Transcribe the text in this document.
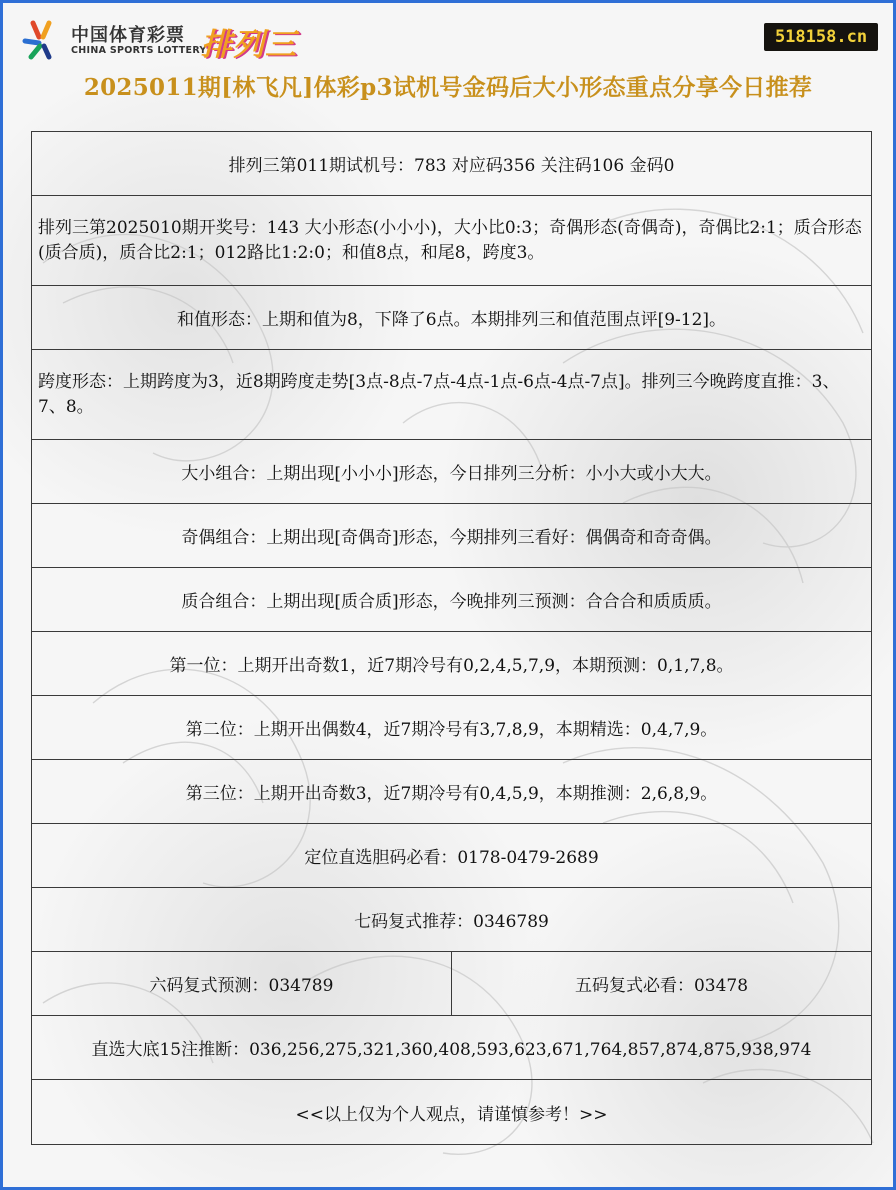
中国体育彩票
CHINA SPORTS LOTTERY
排列三	518158.cn
2025011期[林飞凡]体彩p3试机号金码后大小形态重点分享今日推荐
排列三第011期试机号：783 对应码356 关注码106 金码0
排列三第2025010期开奖号：143 大小形态(小小小)，大小比0:3；奇偶形态(奇偶奇)，奇偶比2:1；质合形态(质合质)，质合比2:1；012路比1:2:0；和值8点，和尾8，跨度3。
和值形态：上期和值为8，下降了6点。本期排列三和值范围点评[9-12]。
跨度形态：上期跨度为3，近8期跨度走势[3点-8点-7点-4点-1点-6点-4点-7点]。排列三今晚跨度直推：3、7、8。
大小组合：上期出现[小小小]形态，今日排列三分析：小小大或小大大。
奇偶组合：上期出现[奇偶奇]形态，今期排列三看好：偶偶奇和奇奇偶。
质合组合：上期出现[质合质]形态，今晚排列三预测：合合合和质质质。
第一位：上期开出奇数1，近7期冷号有0,2,4,5,7,9，本期预测：0,1,7,8。
第二位：上期开出偶数4，近7期冷号有3,7,8,9，本期精选：0,4,7,9。
第三位：上期开出奇数3，近7期冷号有0,4,5,9，本期推测：2,6,8,9。
定位直选胆码必看：0178-0479-2689
七码复式推荐：0346789
六码复式预测：034789	五码复式必看：03478
直选大底15注推断：036,256,275,321,360,408,593,623,671,764,857,874,875,938,974
<<以上仅为个人观点，请谨慎参考！>>
